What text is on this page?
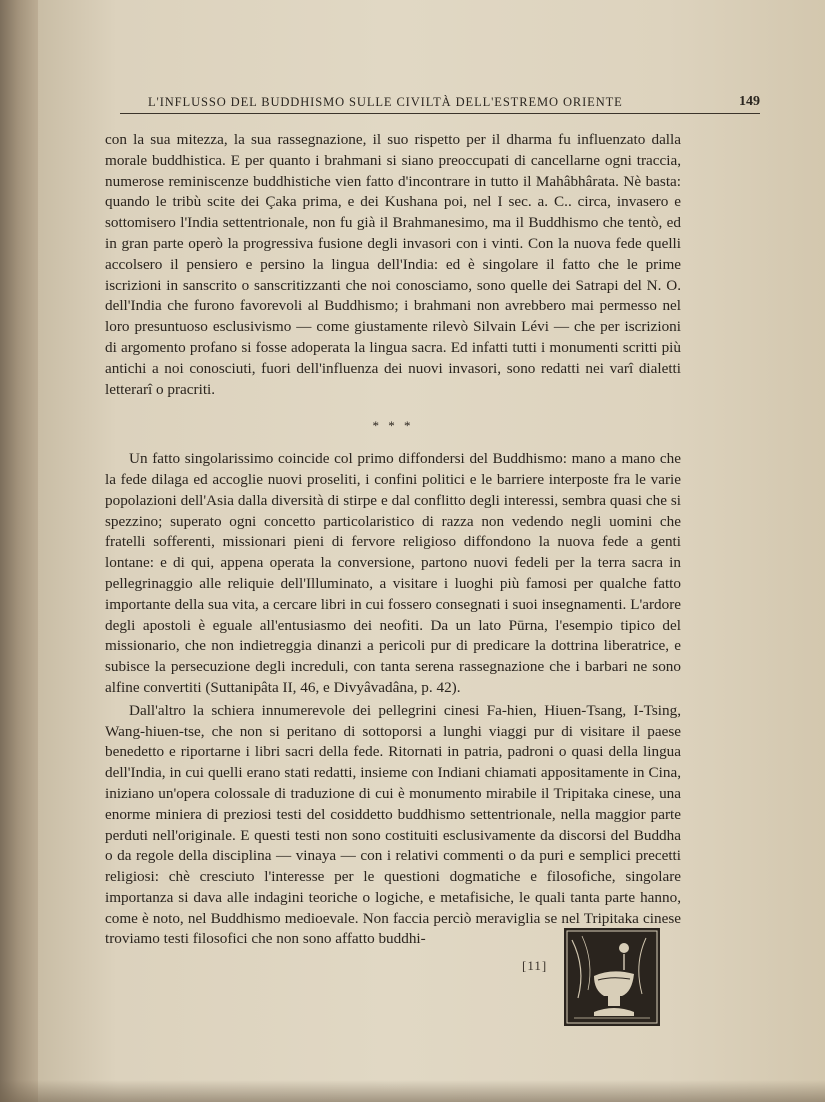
L'INFLUSSO DEL BUDDHISMO SULLE CIVILTÀ DELL'ESTREMO ORIENTE	149

con la sua mitezza, la sua rassegnazione, il suo rispetto per il dharma fu influenzato dalla morale buddhistica. E per quanto i brahmani si siano preoccupati di cancellarne ogni traccia, numerose reminiscenze buddhistiche vien fatto d'incontrare in tutto il Mahâbhârata. Nè basta: quando le tribù scite dei Çaka prima, e dei Kushana poi, nel I sec. a. C.. circa, invasero e sottomisero l'India settentrionale, non fu già il Brahmanesimo, ma il Buddhismo che tentò, ed in gran parte operò la progressiva fusione degli invasori con i vinti. Con la nuova fede quelli accolsero il pensiero e persino la lingua dell'India: ed è singolare il fatto che le prime iscrizioni in sanscrito o sanscritizzanti che noi conosciamo, sono quelle dei Satrapi del N. O. dell'India che furono favorevoli al Buddhismo; i brahmani non avrebbero mai permesso nel loro presuntuoso esclusivismo — come giustamente rilevò Silvain Lévi — che per iscrizioni di argomento profano si fosse adoperata la lingua sacra. Ed infatti tutti i monumenti scritti più antichi a noi conosciuti, fuori dell'influenza dei nuovi invasori, sono redatti nei varî dialetti letterarî o pracriti.

* * *

Un fatto singolarissimo coincide col primo diffondersi del Buddhismo: mano a mano che la fede dilaga ed accoglie nuovi proseliti, i confini politici e le barriere interposte fra le varie popolazioni dell'Asia dalla diversità di stirpe e dal conflitto degli interessi, sembra quasi che si spezzino; superato ogni concetto particolaristico di razza non vedendo negli uomini che fratelli sofferenti, missionari pieni di fervore religioso diffondono la nuova fede a genti lontane: e di qui, appena operata la conversione, partono nuovi fedeli per la terra sacra in pellegrinaggio alle reliquie dell'Illuminato, a visitare i luoghi più famosi per qualche fatto importante della sua vita, a cercare libri in cui fossero consegnati i suoi insegnamenti. L'ardore degli apostoli è eguale all'entusiasmo dei neofiti. Da un lato Pūrna, l'esempio tipico del missionario, che non indietreggia dinanzi a pericoli pur di predicare la dottrina liberatrice, e subisce la persecuzione degli increduli, con tanta serena rassegnazione che i barbari ne sono alfine convertiti (Suttanipâta II, 46, e Divyâvadâna, p. 42).

Dall'altro la schiera innumerevole dei pellegrini cinesi Fa-hien, Hiuen-Tsang, I-Tsing, Wang-hiuen-tse, che non si peritano di sottoporsi a lunghi viaggi pur di visitare il paese benedetto e riportarne i libri sacri della fede. Ritornati in patria, padroni o quasi della lingua dell'India, in cui quelli erano stati redatti, insieme con Indiani chiamati appositamente in Cina, iniziano un'opera colossale di traduzione di cui è monumento mirabile il Tripitaka cinese, una enorme miniera di preziosi testi del cosiddetto buddhismo settentrionale, nella maggior parte perduti nell'originale. E questi testi non sono costituiti esclusivamente da discorsi del Buddha o da regole della disciplina — vinaya — con i relativi commenti o da puri e semplici precetti religiosi: chè cresciuto l'interesse per le questioni dogmatiche e filosofiche, singolare importanza si dava alle indagini teoriche o logiche, e metafisiche, le quali tanta parte hanno, come è noto, nel Buddhismo medioevale. Non faccia perciò meraviglia se nel Tripitaka cinese troviamo testi filosofici che non sono affatto buddhi-

[11]
